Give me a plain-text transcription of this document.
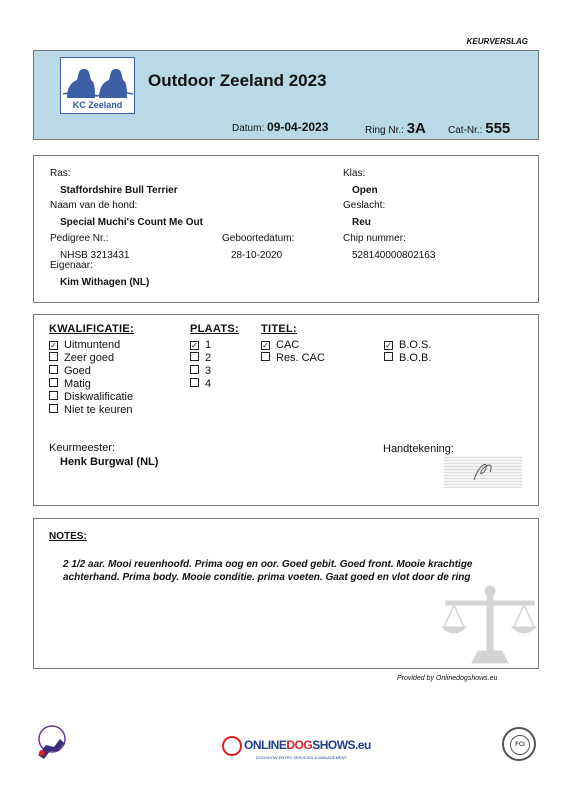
KEURVERSLAG
KC Zeeland
Outdoor Zeeland 2023
Datum: 09-04-2023	Ring Nr.: 3A Cat-Nr.: 555
Ras:
Staffordshire Bull Terrier
Naam van de hond:
Special Muchi's Count Me Out
Pedigree Nr.:
NHSB 3213431
Geboortedatum:
28-10-2020
Eigenaar:
Kim Withagen (NL)
Klas:
Open
Geslacht:
Reu
Chip nummer:
528140000802163
KWALIFICATIE:
✓ Uitmuntend
Zeer goed
Goed
Matig
Diskwalificatie
Niet te keuren
PLAATS:
✓ 1
2
3
4
TITEL:
✓ CAC
Res. CAC
✓ B.O.S.
B.O.B.
Keurmeester:
Henk Burgwal (NL)
Handtekening:
NOTES:
2 1/2 aar. Mooi reuenhoofd. Prima oog en oor. Goed gebit. Goed front. Mooie krachtige achterhand. Prima body. Mooie conditie. prima voeten. Gaat goed en vlot door de ring
Provided by Onlinedogshows.eu
ONLINEDOGSHOWS.eu
DOGSHOW ENTRY SERVICES & MANAGEMENT
FCI
